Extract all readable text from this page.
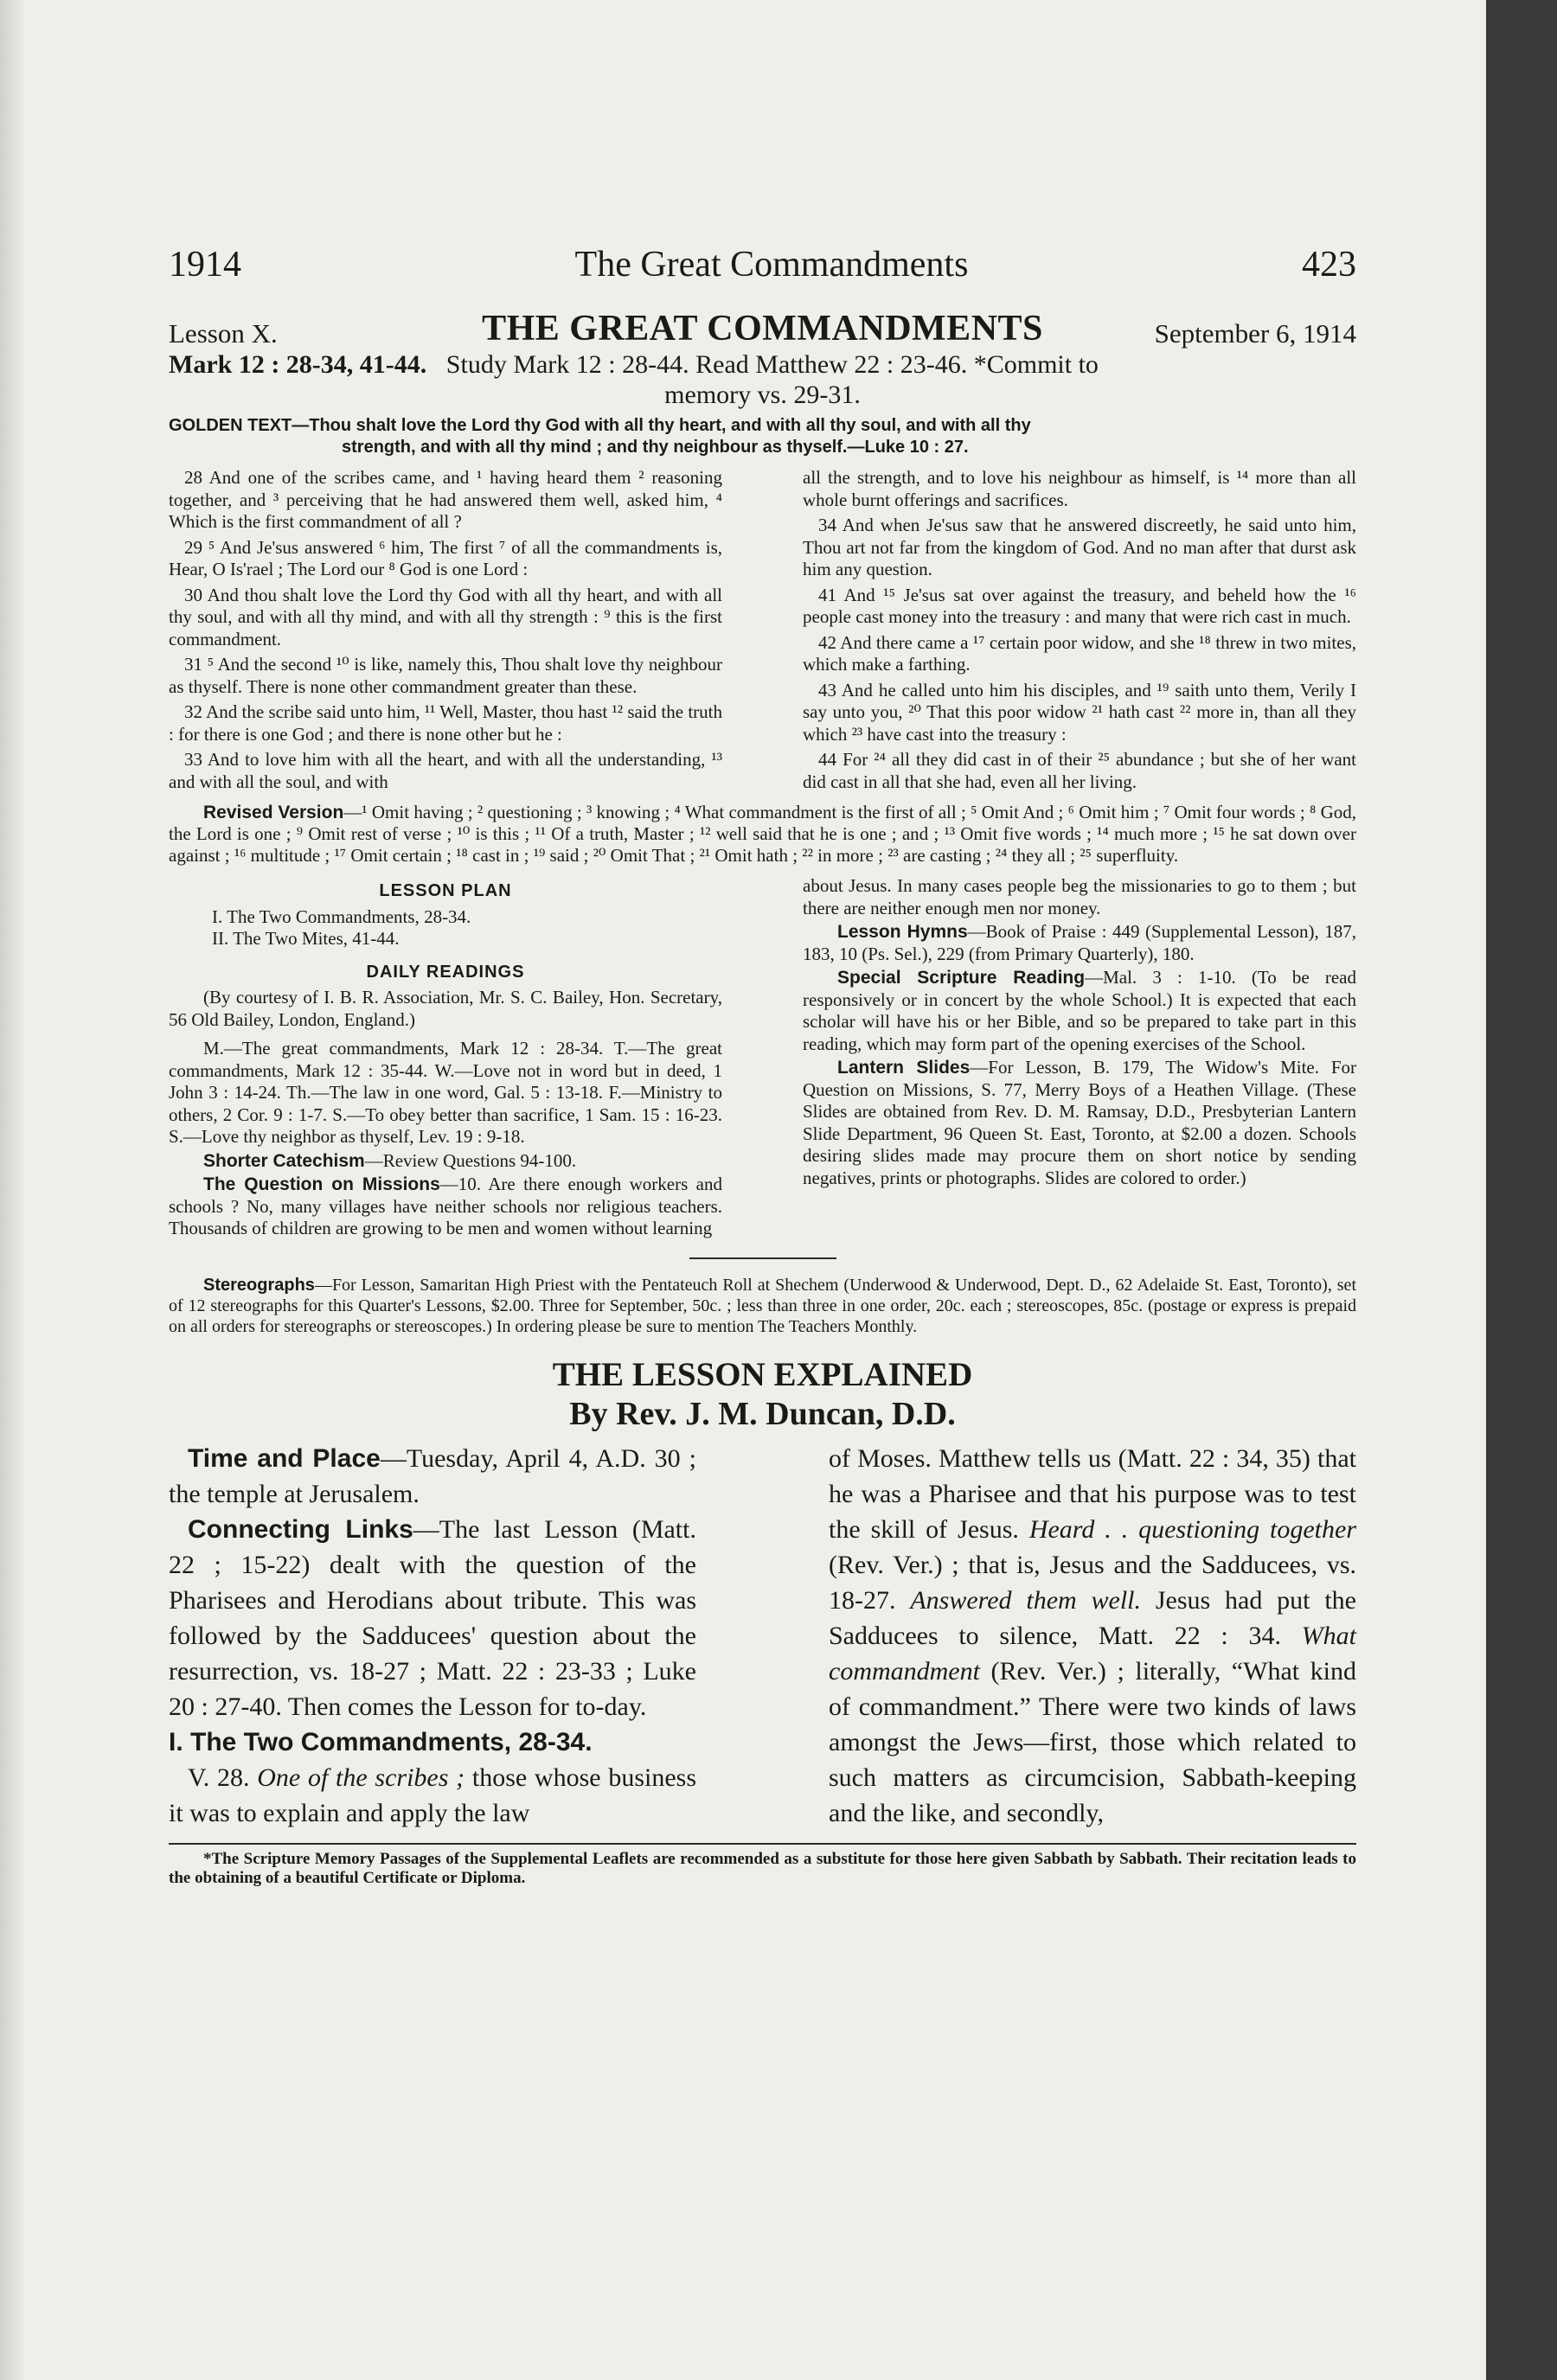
1914	The Great Commandments	423
Lesson X.	THE GREAT COMMANDMENTS	September 6, 1914
Mark 12 : 28-34, 41-44. Study Mark 12 : 28-44. Read Matthew 22 : 23-46. *Commit to
memory vs. 29-31.
GOLDEN TEXT—Thou shalt love the Lord thy God with all thy heart, and with all thy soul, and with all thy
strength, and with all thy mind ; and thy neighbour as thyself.—Luke 10 : 27.

28 And one of the scribes came, and ¹ having heard them ² reasoning together, and ³ perceiving that he had answered them well, asked him, ⁴ Which is the first commandment of all ?

29 ⁵ And Je'sus answered ⁶ him, The first ⁷ of all the commandments is, Hear, O Is'rael ; The Lord our ⁸ God is one Lord :

30 And thou shalt love the Lord thy God with all thy heart, and with all thy soul, and with all thy mind, and with all thy strength : ⁹ this is the first commandment.

31 ⁵ And the second ¹⁰ is like, namely this, Thou shalt love thy neighbour as thyself. There is none other commandment greater than these.

32 And the scribe said unto him, ¹¹ Well, Master, thou hast ¹² said the truth : for there is one God ; and there is none other but he :

33 And to love him with all the heart, and with all the understanding, ¹³ and with all the soul, and with

all the strength, and to love his neighbour as himself, is ¹⁴ more than all whole burnt offerings and sacrifices.

34 And when Je'sus saw that he answered discreetly, he said unto him, Thou art not far from the kingdom of God. And no man after that durst ask him any question.

41 And ¹⁵ Je'sus sat over against the treasury, and beheld how the ¹⁶ people cast money into the treasury : and many that were rich cast in much.

42 And there came a ¹⁷ certain poor widow, and she ¹⁸ threw in two mites, which make a farthing.

43 And he called unto him his disciples, and ¹⁹ saith unto them, Verily I say unto you, ²⁰ That this poor widow ²¹ hath cast ²² more in, than all they which ²³ have cast into the treasury :

44 For ²⁴ all they did cast in of their ²⁵ abundance ; but she of her want did cast in all that she had, even all her living.

Revised Version—¹ Omit having ; ² questioning ; ³ knowing ; ⁴ What commandment is the first of all ; ⁵ Omit And ; ⁶ Omit him ; ⁷ Omit four words ; ⁸ God, the Lord is one ; ⁹ Omit rest of verse ; ¹⁰ is this ; ¹¹ Of a truth, Master ; ¹² well said that he is one ; and ; ¹³ Omit five words ; ¹⁴ much more ; ¹⁵ he sat down over against ; ¹⁶ multitude ; ¹⁷ Omit certain ; ¹⁸ cast in ; ¹⁹ said ; ²⁰ Omit That ; ²¹ Omit hath ; ²² in more ; ²³ are casting ; ²⁴ they all ; ²⁵ superfluity.
LESSON PLAN
I. The Two Commandments, 28-34.
II. The Two Mites, 41-44.
DAILY READINGS

(By courtesy of I. B. R. Association, Mr. S. C. Bailey, Hon. Secretary, 56 Old Bailey, London, England.)

M.—The great commandments, Mark 12 : 28-34. T.—The great commandments, Mark 12 : 35-44. W.—Love not in word but in deed, 1 John 3 : 14-24. Th.—The law in one word, Gal. 5 : 13-18. F.—Ministry to others, 2 Cor. 9 : 1-7. S.—To obey better than sacrifice, 1 Sam. 15 : 16-23. S.—Love thy neighbor as thyself, Lev. 19 : 9-18.

Shorter Catechism—Review Questions 94-100.

The Question on Missions—10. Are there enough workers and schools ? No, many villages have neither schools nor religious teachers. Thousands of children are growing to be men and women without learning

about Jesus. In many cases people beg the missionaries to go to them ; but there are neither enough men nor money.

Lesson Hymns—Book of Praise : 449 (Supplemental Lesson), 187, 183, 10 (Ps. Sel.), 229 (from Primary Quarterly), 180.

Special Scripture Reading—Mal. 3 : 1-10. (To be read responsively or in concert by the whole School.) It is expected that each scholar will have his or her Bible, and so be prepared to take part in this reading, which may form part of the opening exercises of the School.

Lantern Slides—For Lesson, B. 179, The Widow's Mite. For Question on Missions, S. 77, Merry Boys of a Heathen Village. (These Slides are obtained from Rev. D. M. Ramsay, D.D., Presbyterian Lantern Slide Department, 96 Queen St. East, Toronto, at $2.00 a dozen. Schools desiring slides made may procure them on short notice by sending negatives, prints or photographs. Slides are colored to order.)

Stereographs—For Lesson, Samaritan High Priest with the Pentateuch Roll at Shechem (Underwood & Underwood, Dept. D., 62 Adelaide St. East, Toronto), set of 12 stereographs for this Quarter's Lessons, $2.00. Three for September, 50c. ; less than three in one order, 20c. each ; stereoscopes, 85c. (postage or express is prepaid on all orders for stereographs or stereoscopes.) In ordering please be sure to mention The Teachers Monthly.
THE LESSON EXPLAINED
By Rev. J. M. Duncan, D.D.

Time and Place—Tuesday, April 4, A.D. 30 ; the temple at Jerusalem.

Connecting Links—The last Lesson (Matt. 22 ; 15-22) dealt with the question of the Pharisees and Herodians about tribute. This was followed by the Sadducees' question about the resurrection, vs. 18-27 ; Matt. 22 : 23-33 ; Luke 20 : 27-40. Then comes the Lesson for to-day.

I. The Two Commandments, 28-34.

V. 28. One of the scribes ; those whose business it was to explain and apply the law

of Moses. Matthew tells us (Matt. 22 : 34, 35) that he was a Pharisee and that his purpose was to test the skill of Jesus. Heard . . questioning together (Rev. Ver.) ; that is, Jesus and the Sadducees, vs. 18-27. Answered them well. Jesus had put the Sadducees to silence, Matt. 22 : 34. What commandment (Rev. Ver.) ; literally, “What kind of commandment.” There were two kinds of laws amongst the Jews—first, those which related to such matters as circumcision, Sabbath-keeping and the like, and secondly,

*The Scripture Memory Passages of the Supplemental Leaflets are recommended as a substitute for those here given Sabbath by Sabbath. Their recitation leads to the obtaining of a beautiful Certificate or Diploma.
